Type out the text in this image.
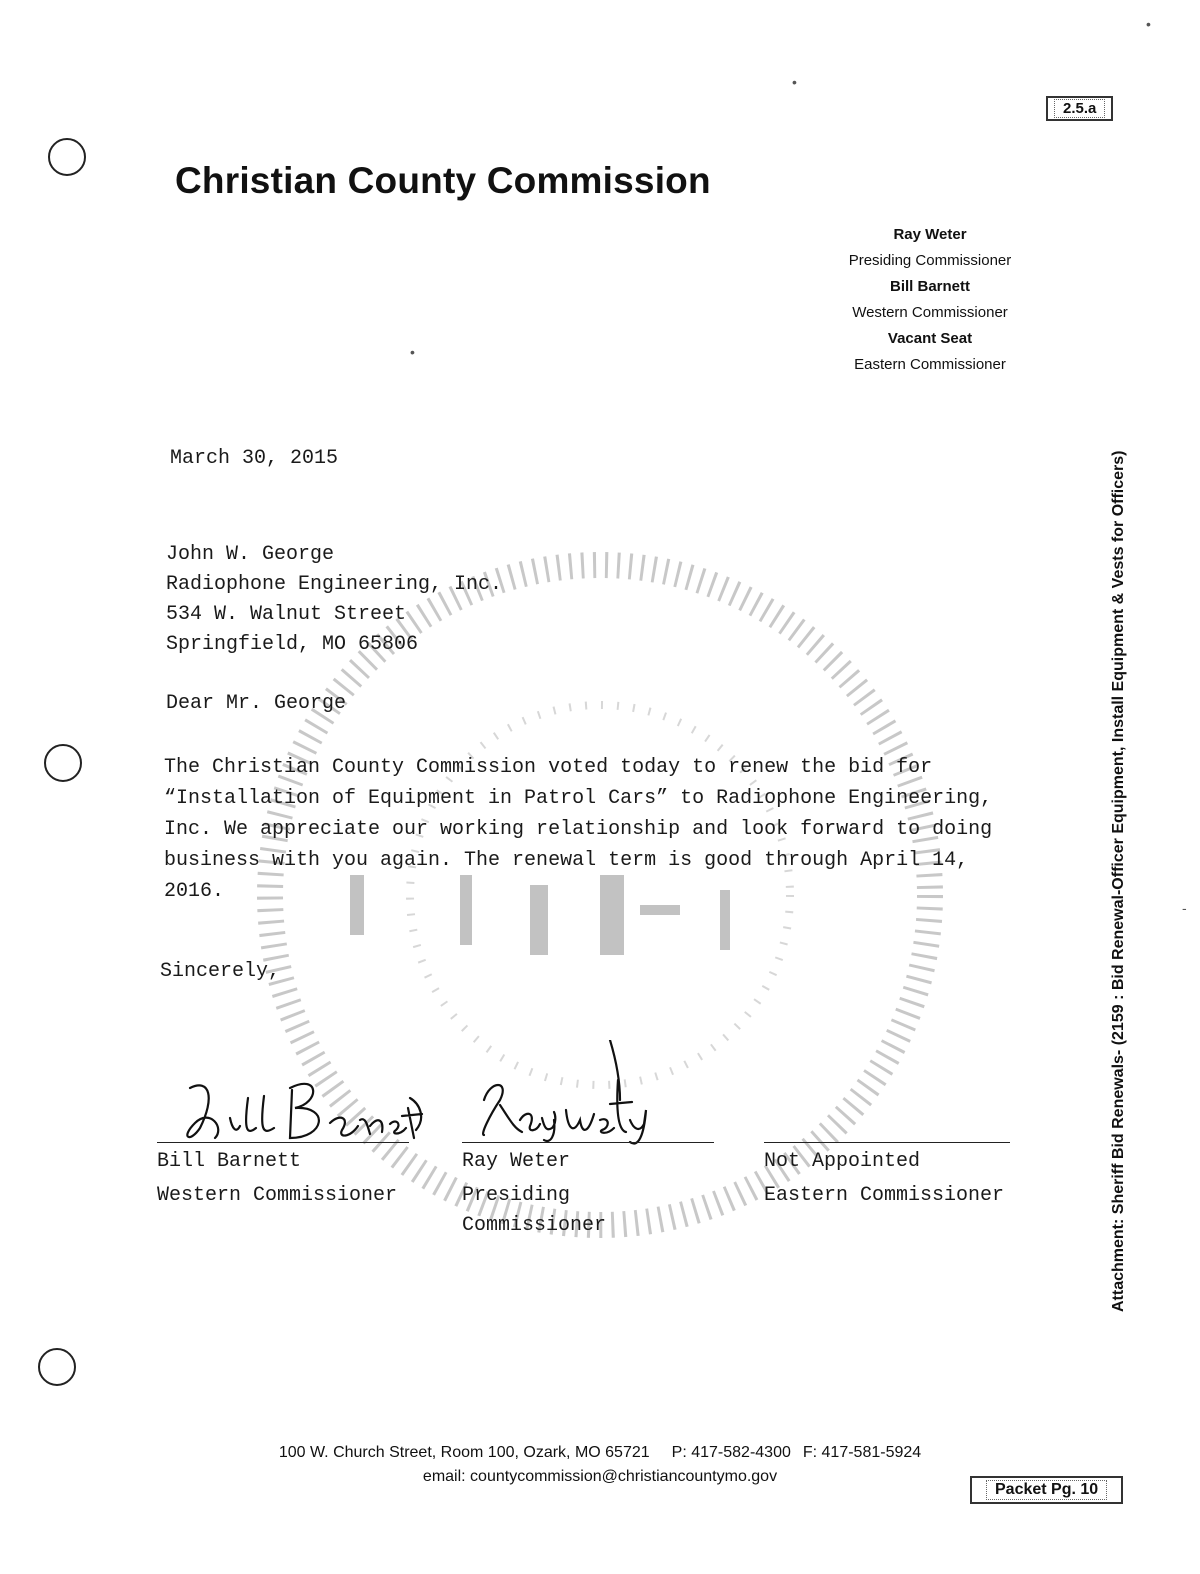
2.5.a
Christian County Commission
Ray Weter
Presiding Commissioner
Bill Barnett
Western Commissioner
Vacant Seat
Eastern Commissioner
March 30, 2015
John W. George
Radiophone Engineering, Inc.
534 W. Walnut Street
Springfield, MO 65806
Dear Mr. George
The Christian County Commission voted today to renew the bid for
“Installation of Equipment in Patrol Cars” to Radiophone Engineering,
Inc. We appreciate our working relationship and look forward to doing
business with you again. The renewal term is good through April 14,
2016.
Sincerely,
Bill Barnett
Western Commissioner
Ray Weter
Presiding Commissioner
Not Appointed
Eastern Commissioner	Attachment: Sheriff Bid Renewals- (2159 : Bid Renewal-Officer Equipment, Install Equipment & Vests for Officers)
100 W. Church Street, Room 100, Ozark, MO 65721 P: 417-582-4300 F: 417-581-5924
email: countycommission@christiancountymo.gov
Packet Pg. 10
•
•
•
-
